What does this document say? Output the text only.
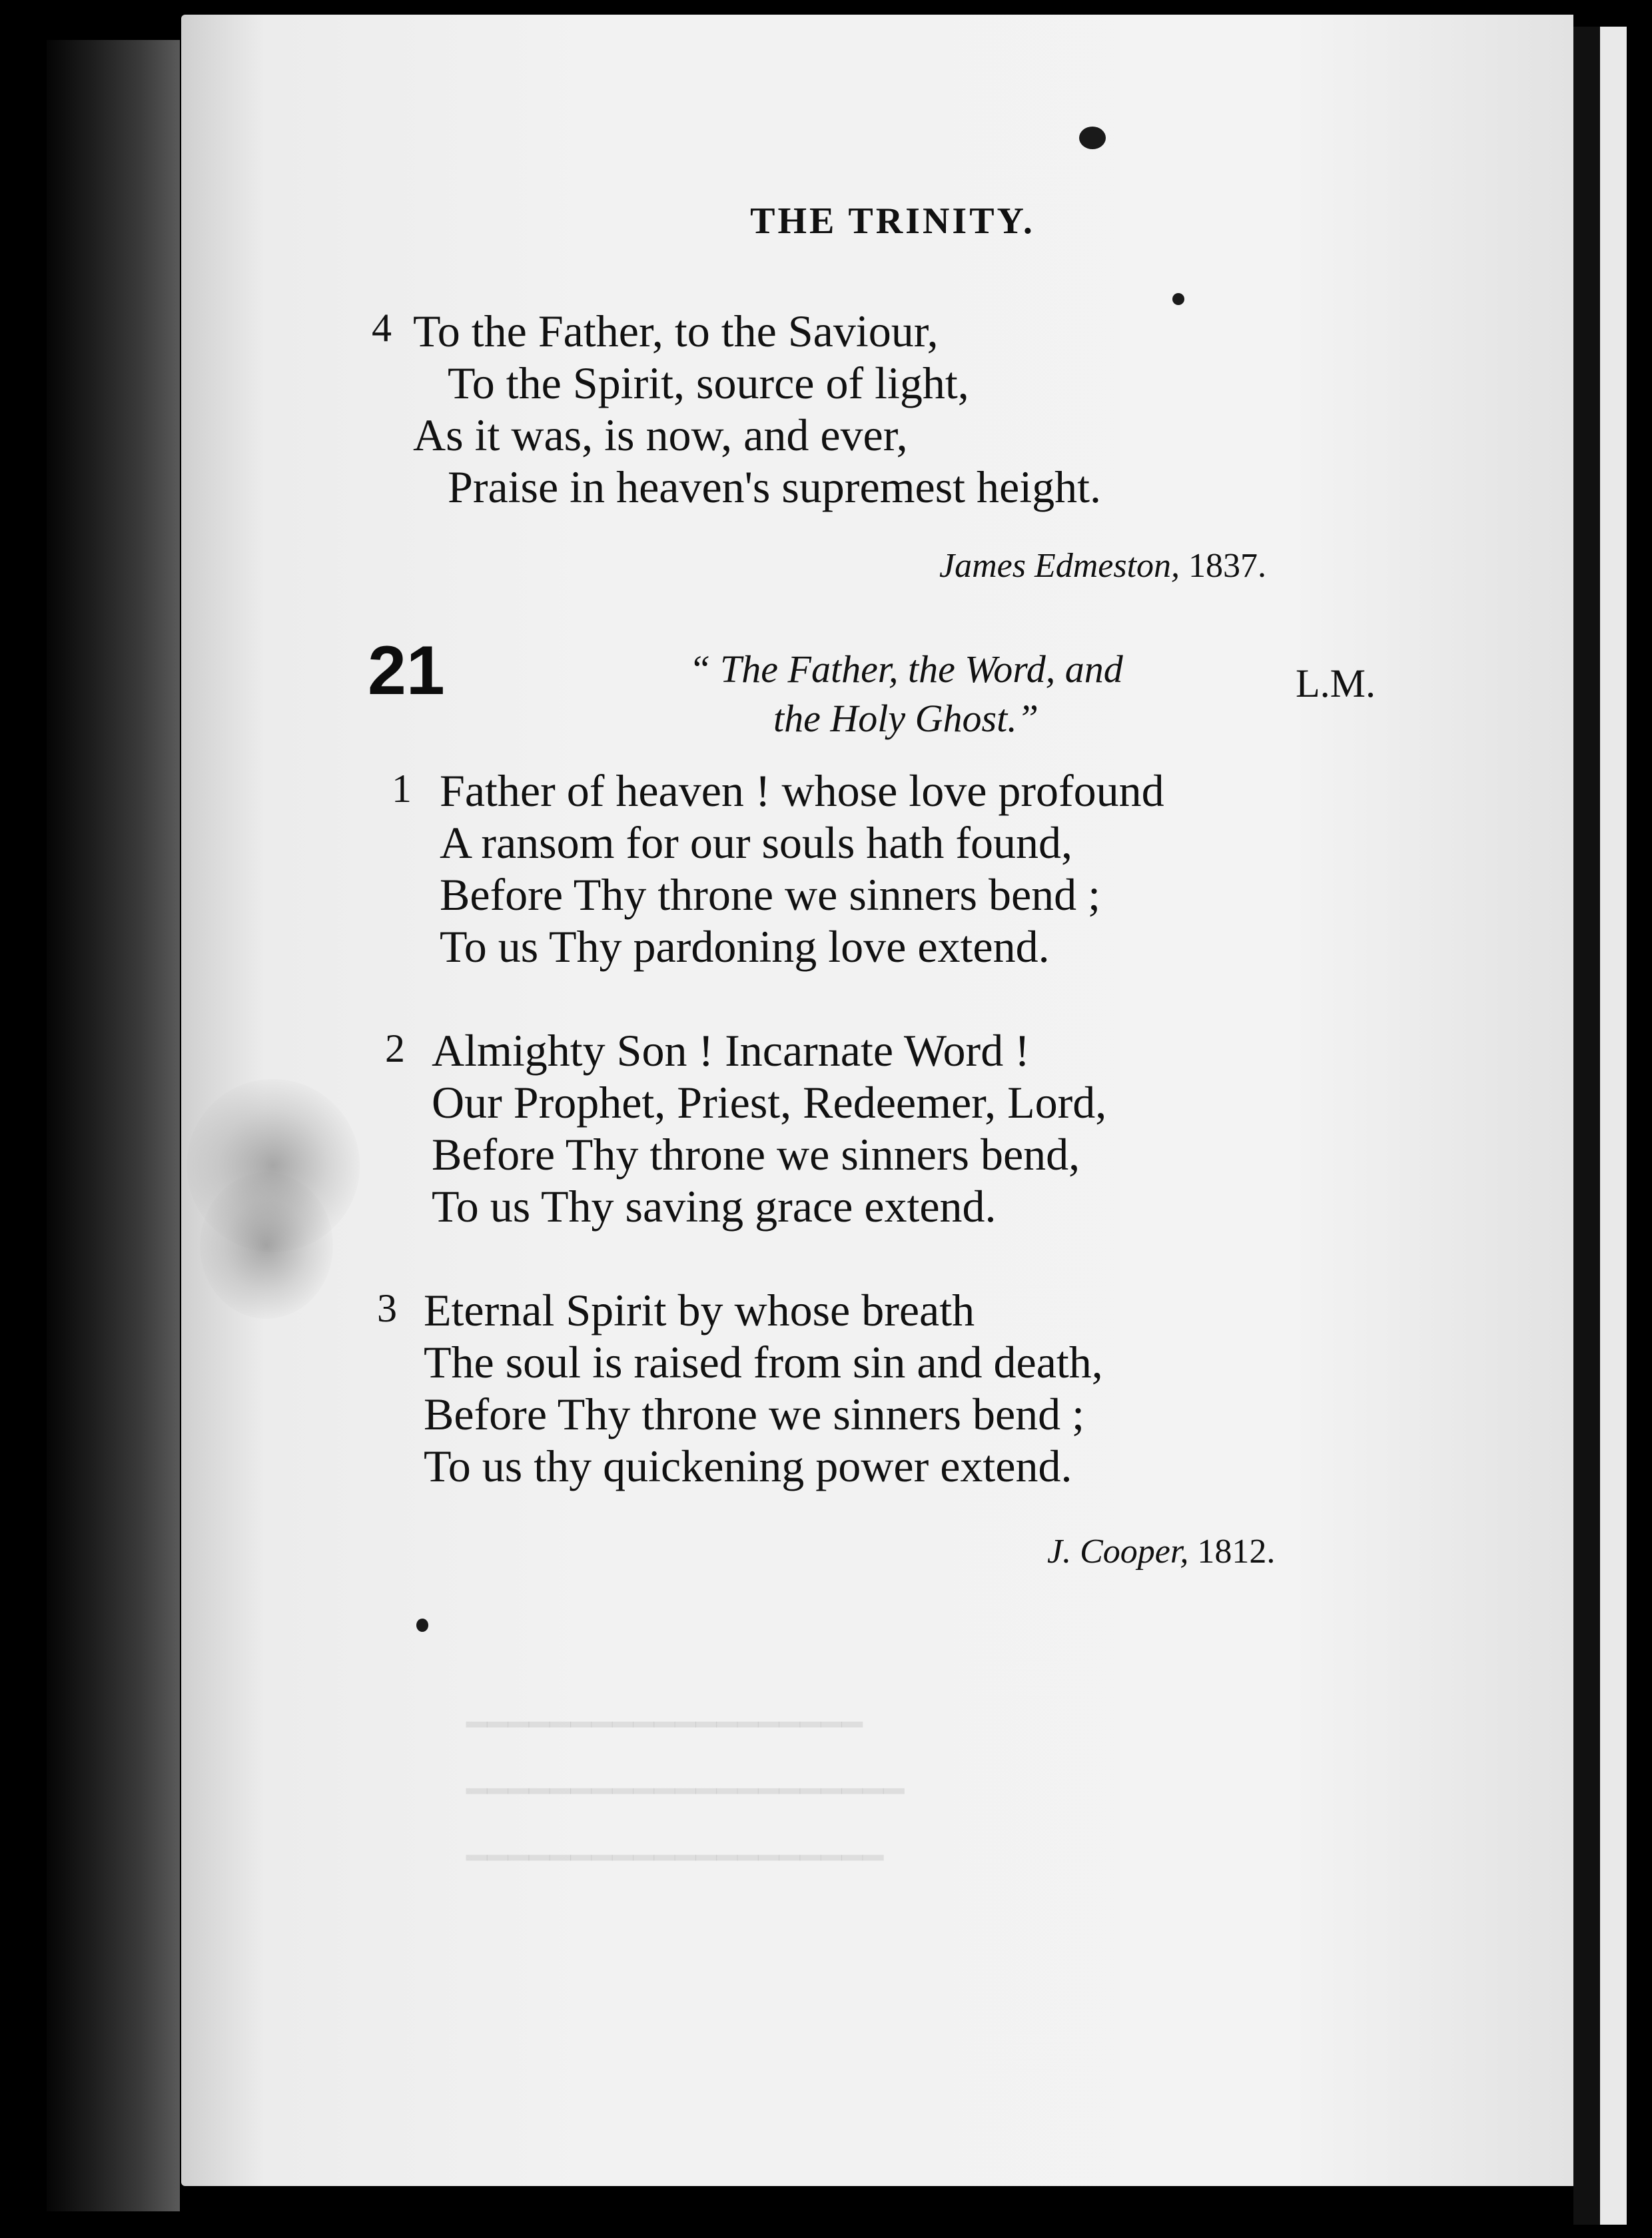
━━━━━━━━━━━━━━━━━━━
━━━━━━━━━━━━━━━━━━━━━
━━━━━━━━━━━━━━━━━━━━
THE TRINITY.
4 To the Father, to the Saviour,
To the Spirit, source of light,
As it was, is now, and ever,
Praise in heaven's supremest height.
James Edmeston, 1837.
21	“ The Father, the Word, and
the Holy Ghost.”
L.M.
1 Father of heaven ! whose love profound
A ransom for our souls hath found,
Before Thy throne we sinners bend ;
To us Thy pardoning love extend.
2 Almighty Son ! Incarnate Word !
Our Prophet, Priest, Redeemer, Lord,
Before Thy throne we sinners bend,
To us Thy saving grace extend.
3 Eternal Spirit by whose breath
The soul is raised from sin and death,
Before Thy throne we sinners bend ;
To us thy quickening power extend.
J. Cooper, 1812.
